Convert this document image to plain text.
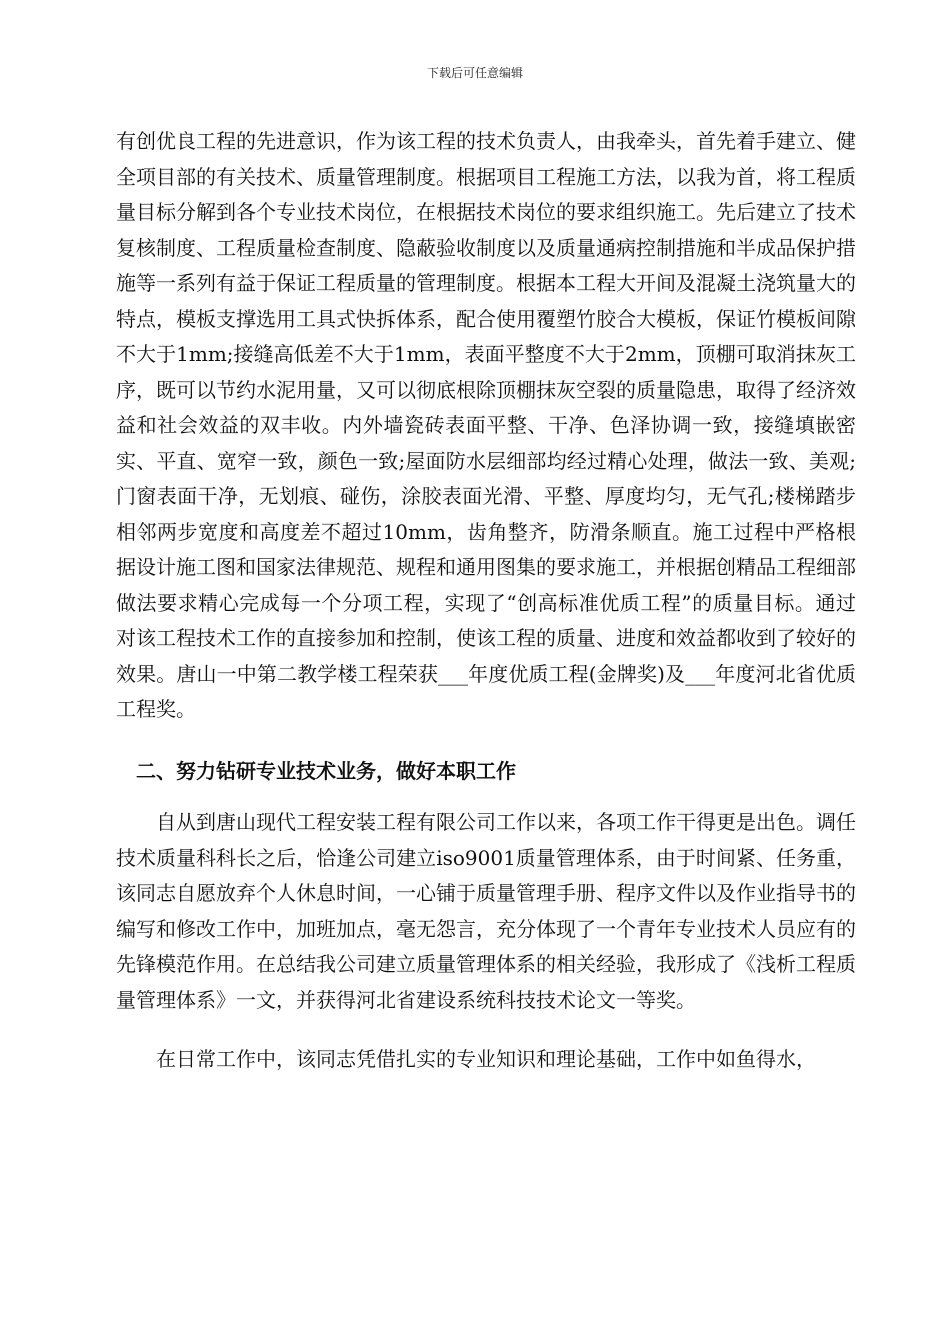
下载后可任意编辑

有创优良工程的先进意识，作为该工程的技术负责人，由我牵头，首先着手建立、健全项目部的有关技术、质量管理制度。根据项目工程施工方法，以我为首，将工程质量目标分解到各个专业技术岗位，在根据技术岗位的要求组织施工。先后建立了技术复核制度、工程质量检查制度、隐蔽验收制度以及质量通病控制措施和半成品保护措施等一系列有益于保证工程质量的管理制度。根据本工程大开间及混凝土浇筑量大的特点，模板支撑选用工具式快拆体系，配合使用覆塑竹胶合大模板，保证竹模板间隙不大于1mm;接缝高低差不大于1mm，表面平整度不大于2mm，顶棚可取消抹灰工序，既可以节约水泥用量，又可以彻底根除顶棚抹灰空裂的质量隐患，取得了经济效益和社会效益的双丰收。内外墙瓷砖表面平整、干净、色泽协调一致，接缝填嵌密实、平直、宽窄一致，颜色一致;屋面防水层细部均经过精心处理，做法一致、美观;门窗表面干净，无划痕、碰伤，涂胶表面光滑、平整、厚度均匀，无气孔;楼梯踏步相邻两步宽度和高度差不超过10mm，齿角整齐，防滑条顺直。施工过程中严格根据设计施工图和国家法律规范、规程和通用图集的要求施工，并根据创精品工程细部做法要求精心完成每一个分项工程，实现了“创高标准优质工程”的质量目标。通过对该工程技术工作的直接参加和控制，使该工程的质量、进度和效益都收到了较好的效果。唐山一中第二教学楼工程荣获___年度优质工程(金牌奖)及___年度河北省优质工程奖。

二、努力钻研专业技术业务，做好本职工作

自从到唐山现代工程安装工程有限公司工作以来，各项工作干得更是出色。调任技术质量科科长之后，恰逢公司建立iso9001质量管理体系，由于时间紧、任务重，该同志自愿放弃个人休息时间，一心铺于质量管理手册、程序文件以及作业指导书的编写和修改工作中，加班加点，毫无怨言，充分体现了一个青年专业技术人员应有的先锋模范作用。在总结我公司建立质量管理体系的相关经验，我形成了《浅析工程质量管理体系》一文，并获得河北省建设系统科技技术论文一等奖。

在日常工作中，该同志凭借扎实的专业知识和理论基础，工作中如鱼得水，
